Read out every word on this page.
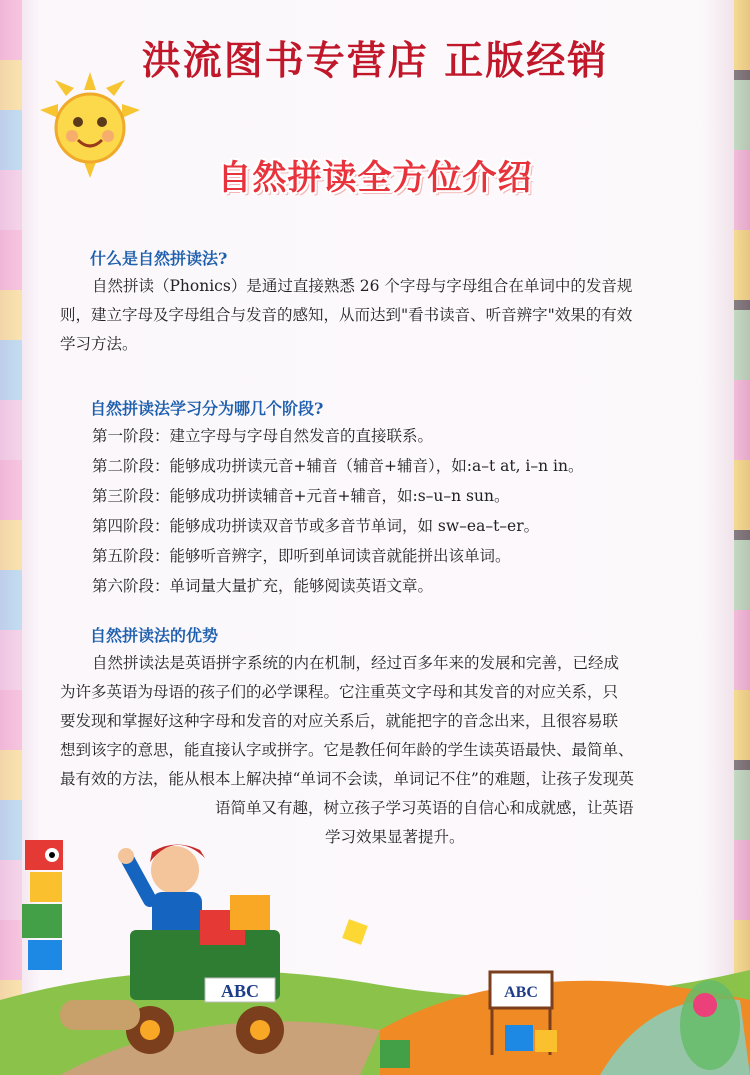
洪流图书专营店 正版经销
自然拼读全方位介绍
什么是自然拼读法?
自然拼读（Phonics）是通过直接熟悉 26 个字母与字母组合在单词中的发音规
则，建立字母及字母组合与发音的感知，从而达到"看书读音、听音辨字"效果的有效
学习方法。
自然拼读法学习分为哪几个阶段?
第一阶段：建立字母与字母自然发音的直接联系。
第二阶段：能够成功拼读元音+辅音（辅音+辅音），如:a–t at, i–n in。
第三阶段：能够成功拼读辅音+元音+辅音，如:s–u–n sun。
第四阶段：能够成功拼读双音节或多音节单词，如 sw–ea–t–er。
第五阶段：能够听音辨字，即听到单词读音就能拼出该单词。
第六阶段：单词量大量扩充，能够阅读英语文章。
自然拼读法的优势
自然拼读法是英语拼字系统的内在机制，经过百多年来的发展和完善，已经成
为许多英语为母语的孩子们的必学课程。它注重英文字母和其发音的对应关系，只
要发现和掌握好这种字母和发音的对应关系后，就能把字的音念出来，且很容易联
想到该字的意思，能直接认字或拼字。它是教任何年龄的学生读英语最快、最简单、
最有效的方法，能从根本上解决掉“单词不会读，单词记不住”的难题，让孩子发现英
语简单又有趣，树立孩子学习英语的自信心和成就感，让英语
学习效果显著提升。
ABC	ABC
